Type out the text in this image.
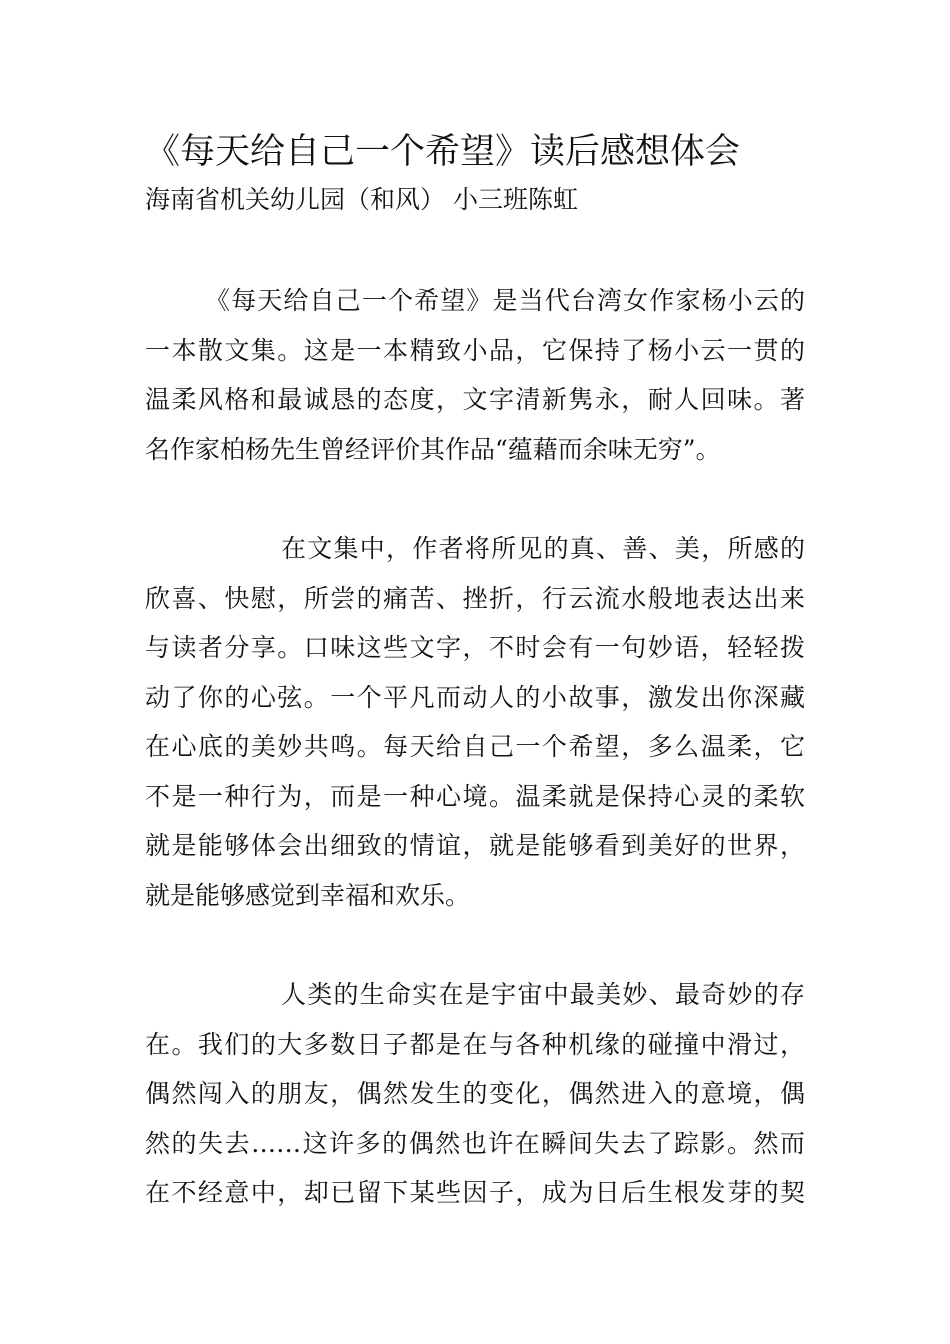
《每天给自己一个希望》读后感想体会

海南省机关幼儿园（和风） 小三班陈虹

《每天给自己一个希望》是当代台湾女作家杨小云的
一本散文集。这是一本精致小品，它保持了杨小云一贯的
温柔风格和最诚恳的态度，文字清新隽永，耐人回味。著
名作家柏杨先生曾经评价其作品“蕴藉而余味无穷”。
在文集中，作者将所见的真、善、美，所感的
欣喜、快慰，所尝的痛苦、挫折，行云流水般地表达出来
与读者分享。口味这些文字，不时会有一句妙语，轻轻拨
动了你的心弦。一个平凡而动人的小故事，激发出你深藏
在心底的美妙共鸣。每天给自己一个希望，多么温柔，它
不是一种行为，而是一种心境。温柔就是保持心灵的柔软
就是能够体会出细致的情谊，就是能够看到美好的世界，
就是能够感觉到幸福和欢乐。
人类的生命实在是宇宙中最美妙、最奇妙的存
在。我们的大多数日子都是在与各种机缘的碰撞中滑过，
偶然闯入的朋友，偶然发生的变化，偶然进入的意境，偶
然的失去……这许多的偶然也许在瞬间失去了踪影。然而
在不经意中，却已留下某些因子，成为日后生根发芽的契
